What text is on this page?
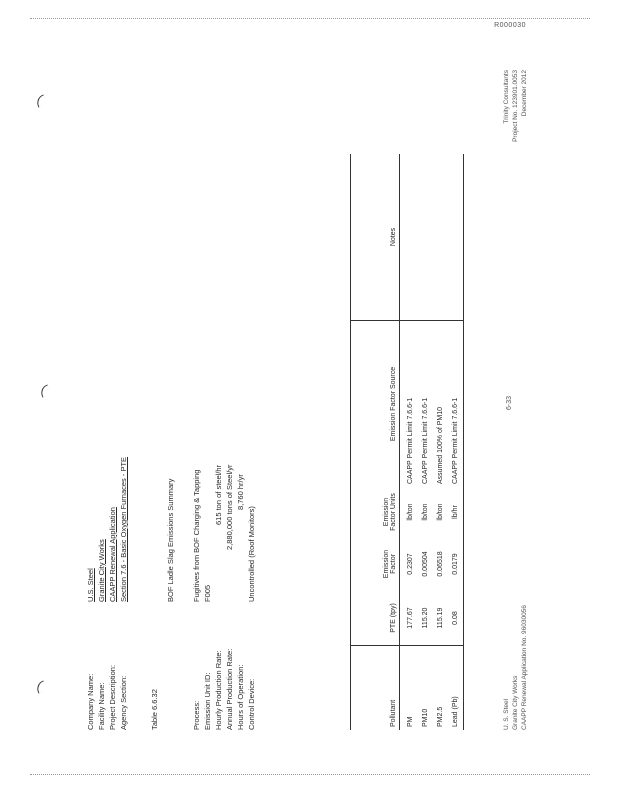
R000030
Company Name:
U.S. Steel
Facility Name:
Granite City Works
Project Description:
CAAPP Renewal Application
Agency Section:
Section 7.6 - Basic Oxygen Furnaces - PTE
Table 6.6.32
BOF Ladle Slag Emissions Summary
Process:
Fugitives from BOF Charging & Tapping
Emission Unit ID:
F005
Hourly Production Rate:
615 ton of steel/hr
Annual Production Rate:
2,880,000 tons of Steel/yr
Hours of Operation:
8,760 hr/yr
Control Device:
Uncontrolled (Roof Monitors)
Pollutant	PTE (tpy)	Emission Factor	Emission Factor Units	Emission Factor Source	Notes
PM	177.67	0.2307	lb/ton	CAAPP Permit Limit 7.6.6-1	
PM10	115.20	0.00504	lb/ton	CAAPP Permit Limit 7.6.6-1	
PM2.5	115.19	0.06518	lb/ton	Assumed 100% of PM10	
Lead (Pb)	0.08	0.0179	lb/hr	CAAPP Permit Limit 7.6.6-1	
U. S. Steel Granite City Works CAAPP Renewal Application No. 96030056
6-33
Trinity Consultants Project No. 123901.0053 December 2012
